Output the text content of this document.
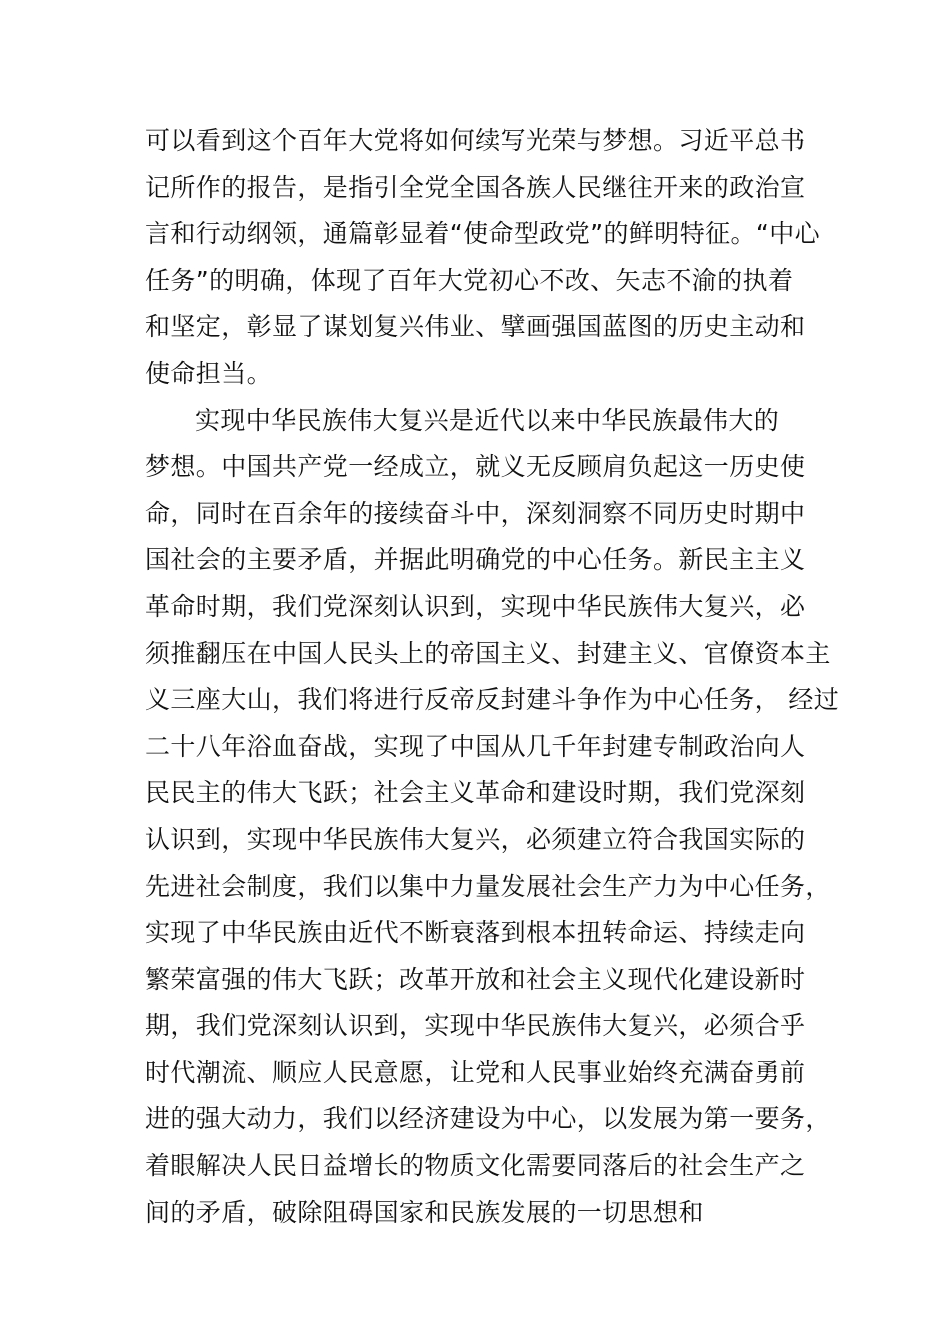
可以看到这个百年大党将如何续写光荣与梦想。习近平总书
记所作的报告，是指引全党全国各族人民继往开来的政治宣
言和行动纲领，通篇彰显着“使命型政党”的鲜明特征。“中心
任务”的明确，体现了百年大党初心不改、矢志不渝的执着
和坚定，彰显了谋划复兴伟业、擘画强国蓝图的历史主动和
使命担当。
实现中华民族伟大复兴是近代以来中华民族最伟大的
梦想。中国共产党一经成立，就义无反顾肩负起这一历史使
命，同时在百余年的接续奋斗中，深刻洞察不同历史时期中
国社会的主要矛盾，并据此明确党的中心任务。新民主主义
革命时期，我们党深刻认识到，实现中华民族伟大复兴，必
须推翻压在中国人民头上的帝国主义、封建主义、官僚资本主
义三座大山，我们将进行反帝反封建斗争作为中心任务， 经过
二十八年浴血奋战，实现了中国从几千年封建专制政治向人
民民主的伟大飞跃；社会主义革命和建设时期，我们党深刻
认识到，实现中华民族伟大复兴，必须建立符合我国实际的
先进社会制度，我们以集中力量发展社会生产力为中心任务，
实现了中华民族由近代不断衰落到根本扭转命运、持续走向
繁荣富强的伟大飞跃；改革开放和社会主义现代化建设新时
期，我们党深刻认识到，实现中华民族伟大复兴，必须合乎
时代潮流、顺应人民意愿，让党和人民事业始终充满奋勇前
进的强大动力，我们以经济建设为中心，以发展为第一要务，
着眼解决人民日益增长的物质文化需要同落后的社会生产之
间的矛盾，破除阻碍国家和民族发展的一切思想和
